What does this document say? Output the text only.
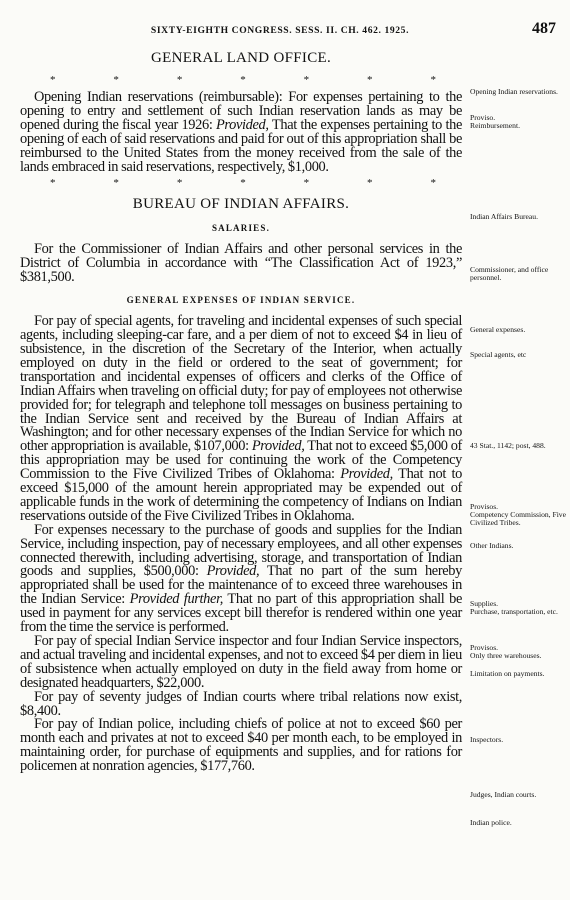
SIXTY-EIGHTH CONGRESS. SESS. II. CH. 462. 1925.	487
GENERAL LAND OFFICE.
*	*	*	*	*	*	*

Opening Indian reservations (reimbursable): For expenses pertaining to the opening to entry and settlement of such Indian reservation lands as may be opened during the fiscal year 1926: Provided, That the expenses pertaining to the opening of each of said reservations and paid for out of this appropriation shall be reimbursed to the United States from the money received from the sale of the lands embraced in said reservations, respectively, $1,000.

*	*	*	*	*	*	*
BUREAU OF INDIAN AFFAIRS.
SALARIES.

For the Commissioner of Indian Affairs and other personal services in the District of Columbia in accordance with “The Classification Act of 1923,” $381,500.

GENERAL EXPENSES OF INDIAN SERVICE.

For pay of special agents, for traveling and incidental expenses of such special agents, including sleeping-car fare, and a per diem of not to exceed $4 in lieu of subsistence, in the discretion of the Secretary of the Interior, when actually employed on duty in the field or ordered to the seat of government; for transportation and incidental expenses of officers and clerks of the Office of Indian Affairs when traveling on official duty; for pay of employees not otherwise provided for; for telegraph and telephone toll messages on business pertaining to the Indian Service sent and received by the Bureau of Indian Affairs at Washington; and for other necessary expenses of the Indian Service for which no other appropriation is available, $107,000: Provided, That not to exceed $5,000 of this appropriation may be used for continuing the work of the Competency Commission to the Five Civilized Tribes of Oklahoma: Provided, That not to exceed $15,000 of the amount herein appropriated may be expended out of applicable funds in the work of determining the competency of Indians on Indian reservations outside of the Five Civilized Tribes in Oklahoma.

For expenses necessary to the purchase of goods and supplies for the Indian Service, including inspection, pay of necessary employees, and all other expenses connected therewith, including advertising, storage, and transportation of Indian goods and supplies, $500,000: Provided, That no part of the sum hereby appropriated shall be used for the maintenance of to exceed three warehouses in the Indian Service: Provided further, That no part of this appropriation shall be used in payment for any services except bill therefor is rendered within one year from the time the service is performed.

For pay of special Indian Service inspector and four Indian Service inspectors, and actual traveling and incidental expenses, and not to exceed $4 per diem in lieu of subsistence when actually employed on duty in the field away from home or designated headquarters, $22,000.

For pay of seventy judges of Indian courts where tribal relations now exist, $8,400.

For pay of Indian police, including chiefs of police at not to exceed $60 per month each and privates at not to exceed $40 per month each, to be employed in maintaining order, for purchase of equipments and supplies, and for rations for policemen at nonration agencies, $177,760.

Opening Indian reservations.
Proviso.
Reimbursement.
Indian Affairs Bureau.
Commissioner, and office personnel.
General expenses.
Special agents, etc
43 Stat., 1142; post, 488.
Provisos.
Competency Commission, Five Civilized Tribes.
Other Indians.
Supplies.
Purchase, transportation, etc.
Provisos.
Only three warehouses.
Limitation on payments.
Inspectors.
Judges, Indian courts.
Indian police.
